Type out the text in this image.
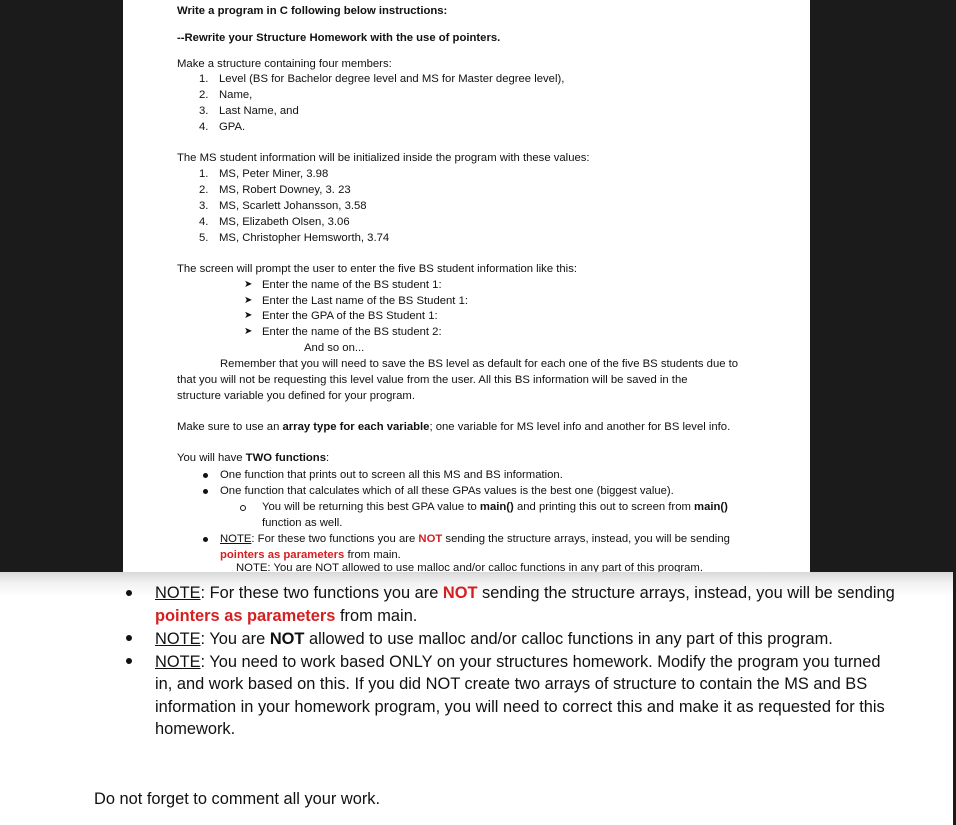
Write a program in C following below instructions:
--Rewrite your Structure Homework with the use of pointers.
Make a structure containing four members:
1. Level (BS for Bachelor degree level and MS for Master degree level),
2. Name,
3. Last Name, and
4. GPA.
The MS student information will be initialized inside the program with these values:
1. MS, Peter Miner, 3.98
2. MS, Robert Downey, 3. 23
3. MS, Scarlett Johansson, 3.58
4. MS, Elizabeth Olsen, 3.06
5. MS, Christopher Hemsworth, 3.74
The screen will prompt the user to enter the five BS student information like this:
➤ Enter the name of the BS student 1:
➤ Enter the Last name of the BS Student 1:
➤ Enter the GPA of the BS Student 1:
➤ Enter the name of the BS student 2:
And so on...
Remember that you will need to save the BS level as default for each one of the five BS students due to
that you will not be requesting this level value from the user. All this BS information will be saved in the
structure variable you defined for your program.
Make sure to use an array type for each variable; one variable for MS level info and another for BS level info.
You will have TWO functions:
One function that prints out to screen all this MS and BS information.
One function that calculates which of all these GPAs values is the best one (biggest value).
You will be returning this best GPA value to main() and printing this out to screen from main()
function as well.
NOTE: For these two functions you are NOT sending the structure arrays, instead, you will be sending
pointers as parameters from main.
NOTE: You are NOT allowed to use malloc and/or calloc functions in any part of this program.
NOTE: For these two functions you are NOT sending the structure arrays, instead, you will be sending
pointers as parameters from main.
NOTE: You are NOT allowed to use malloc and/or calloc functions in any part of this program.
NOTE: You need to work based ONLY on your structures homework. Modify the program you turned
in, and work based on this. If you did NOT create two arrays of structure to contain the MS and BS
information in your homework program, you will need to correct this and make it as requested for this
homework.
Do not forget to comment all your work.
